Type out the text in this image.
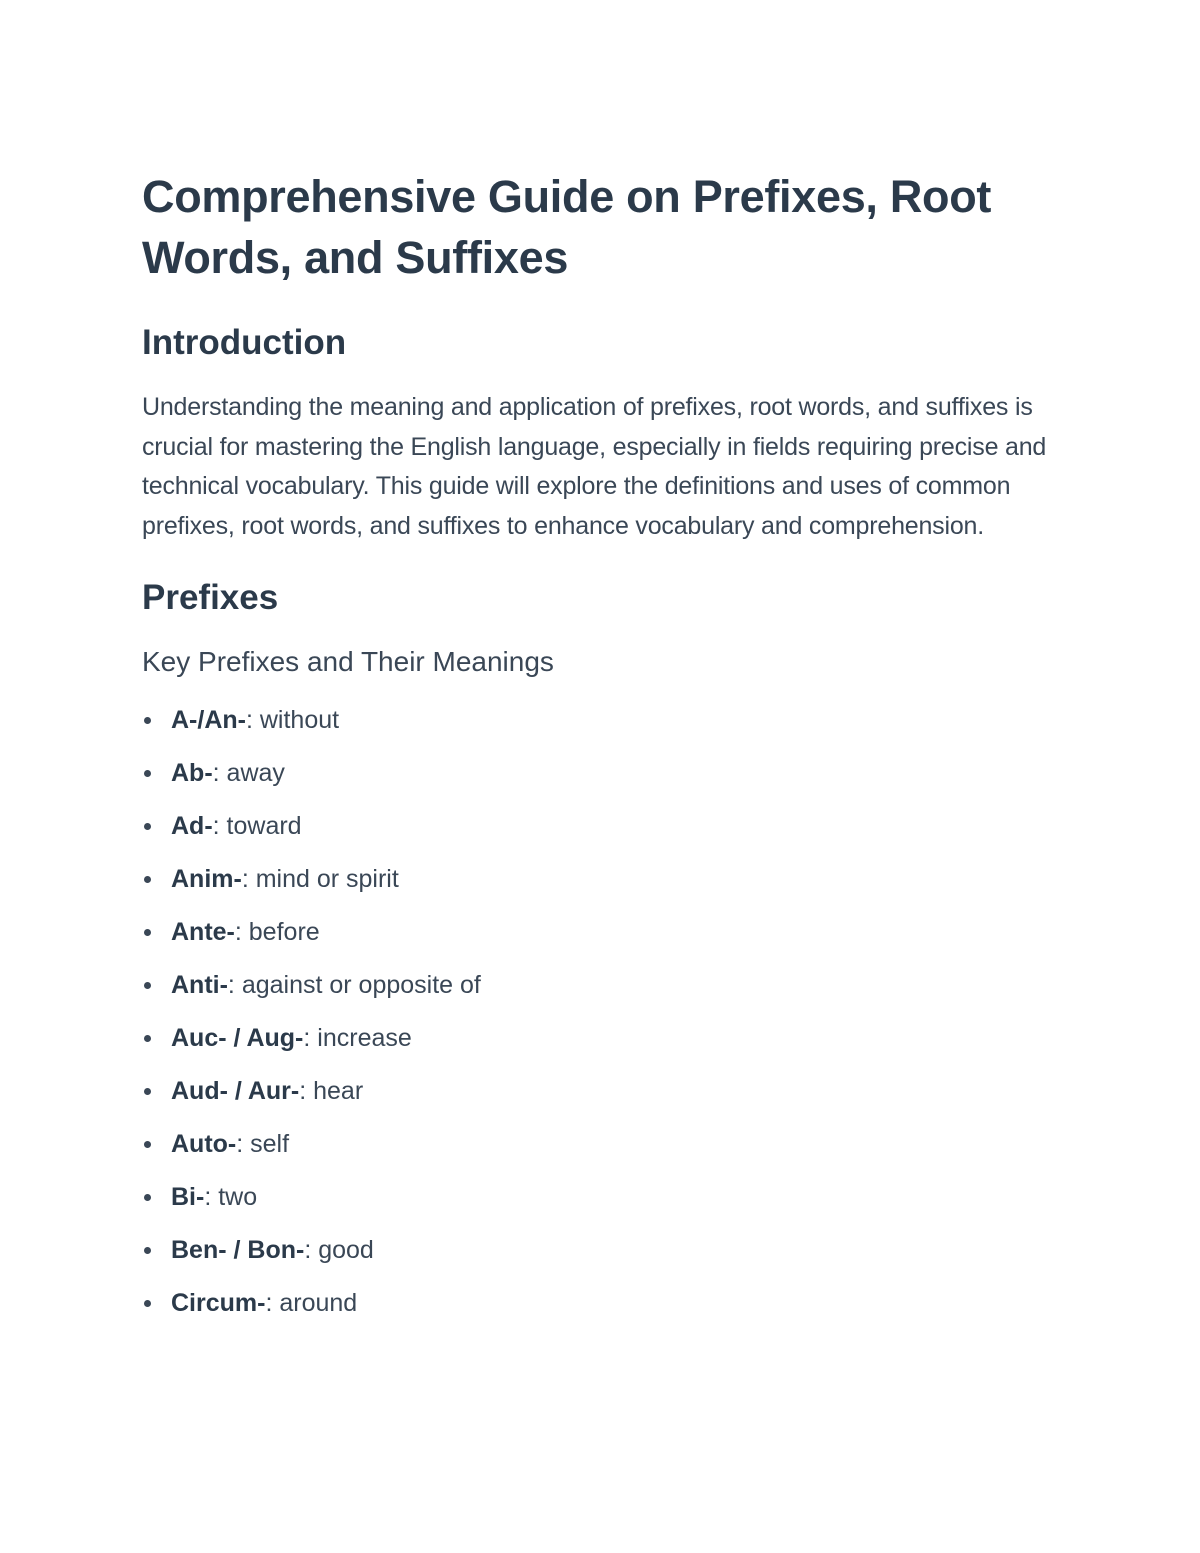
Comprehensive Guide on Prefixes, Root Words, and Suffixes
Introduction

Understanding the meaning and application of prefixes, root words, and suffixes is crucial for mastering the English language, especially in fields requiring precise and technical vocabulary. This guide will explore the definitions and uses of common prefixes, root words, and suffixes to enhance vocabulary and comprehension.

Prefixes
Key Prefixes and Their Meanings
A-/An-: without
Ab-: away
Ad-: toward
Anim-: mind or spirit
Ante-: before
Anti-: against or opposite of
Auc- / Aug-: increase
Aud- / Aur-: hear
Auto-: self
Bi-: two
Ben- / Bon-: good
Circum-: around
